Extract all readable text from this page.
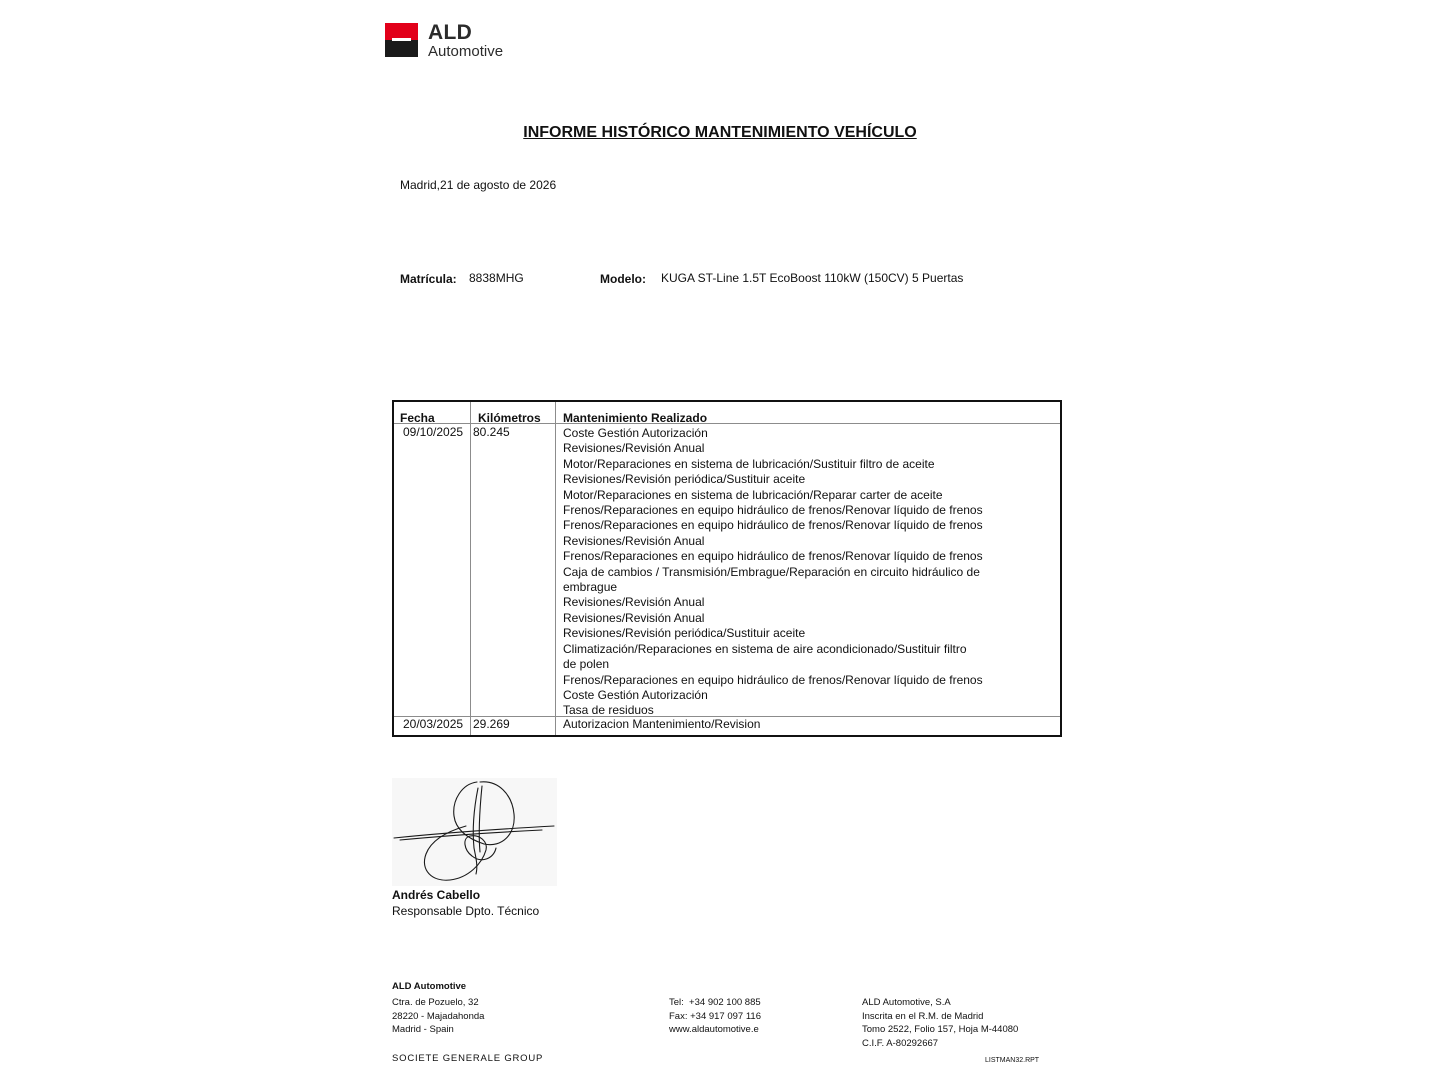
ALD
Automotive
INFORME HISTÓRICO MANTENIMIENTO VEHÍCULO
Madrid,21 de agosto de 2026
Matrícula: 8838MHG	Modelo: KUGA ST-Line 1.5T EcoBoost 110kW (150CV) 5 Puertas
Fecha	Kilómetros Mantenimiento Realizado
09/10/2025 80.245	Coste Gestión Autorización
Revisiones/Revisión Anual
Motor/Reparaciones en sistema de lubricación/Sustituir filtro de aceite
Revisiones/Revisión periódica/Sustituir aceite
Motor/Reparaciones en sistema de lubricación/Reparar carter de aceite
Frenos/Reparaciones en equipo hidráulico de frenos/Renovar líquido de frenos
Frenos/Reparaciones en equipo hidráulico de frenos/Renovar líquido de frenos
Revisiones/Revisión Anual
Frenos/Reparaciones en equipo hidráulico de frenos/Renovar líquido de frenos
Caja de cambios / Transmisión/Embrague/Reparación en circuito hidráulico de embrague
Revisiones/Revisión Anual
Revisiones/Revisión Anual
Revisiones/Revisión periódica/Sustituir aceite
Climatización/Reparaciones en sistema de aire acondicionado/Sustituir filtro de polen
Frenos/Reparaciones en equipo hidráulico de frenos/Renovar líquido de frenos
Coste Gestión Autorización
Tasa de residuos
20/03/2025 29.269	Autorizacion Mantenimiento/Revision
Andrés Cabello
Responsable Dpto. Técnico
ALD Automotive
Ctra. de Pozuelo, 32
28220 - Majadahonda
Madrid - Spain
Tel:  +34 902 100 885
Fax: +34 917 097 116
www.aldautomotive.e
ALD Automotive, S.A
Inscrita en el R.M. de Madrid
Tomo 2522, Folio 157, Hoja M-44080
C.I.F. A-80292667
SOCIETE GENERALE GROUP	LISTMAN32.RPT
